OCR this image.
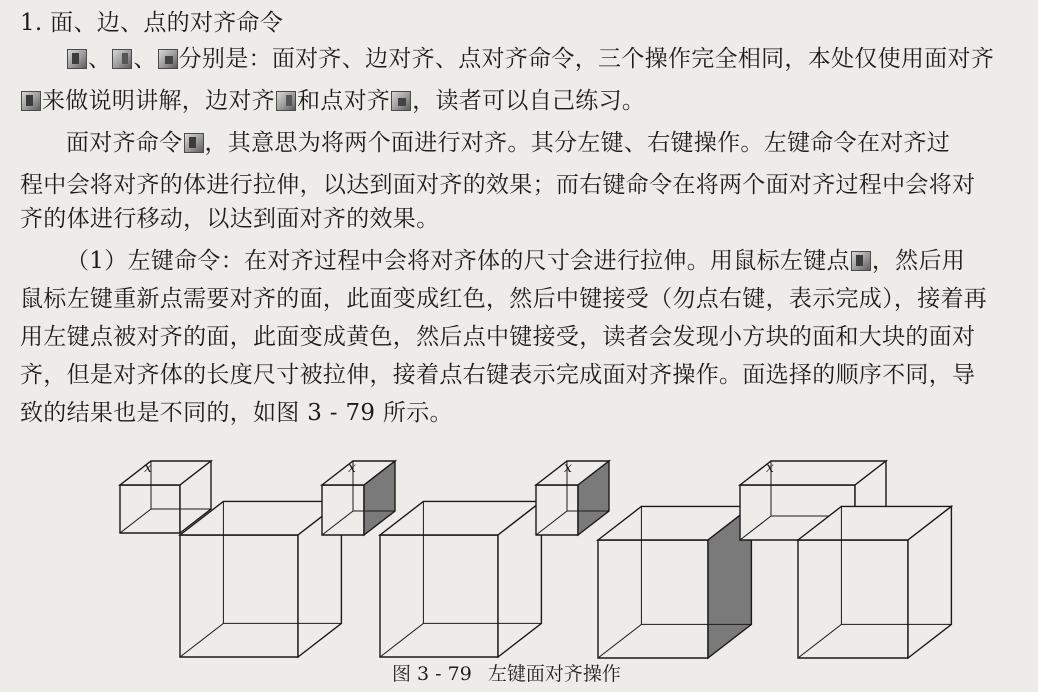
1. 面、边、点的对齐命令
、 、 分别是：面对齐、边对齐、点对齐命令，三个操作完全相同，本处仅使用面对齐
来做说明讲解，边对齐 和点对齐 ，读者可以自己练习。
面对齐命令 ，其意思为将两个面进行对齐。其分左键、右键操作。左键命令在对齐过
程中会将对齐的体进行拉伸，以达到面对齐的效果；而右键命令在将两个面对齐过程中会将对
齐的体进行移动，以达到面对齐的效果。
（1）左键命令：在对齐过程中会将对齐体的尺寸会进行拉伸。用鼠标左键点 ，然后用
鼠标左键重新点需要对齐的面，此面变成红色，然后中键接受（勿点右键，表示完成），接着再
用左键点被对齐的面，此面变成黄色，然后点中键接受，读者会发现小方块的面和大块的面对
齐，但是对齐体的长度尺寸被拉伸，接着点右键表示完成面对齐操作。面选择的顺序不同，导
致的结果也是不同的，如图 3 - 79 所示。
x	x	x	x
图 3 - 79 左键面对齐操作
